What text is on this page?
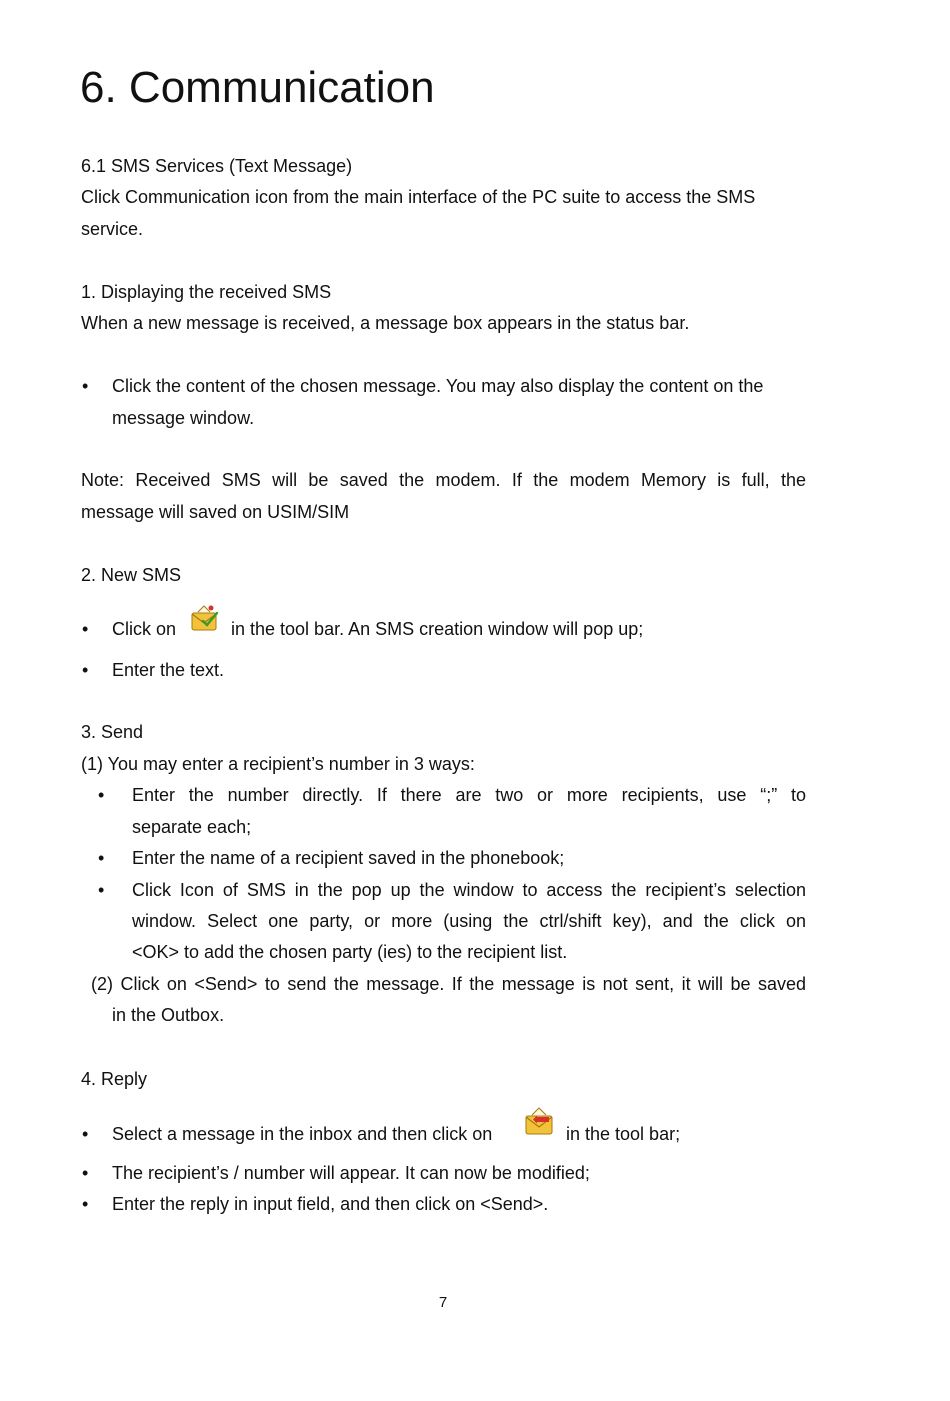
6. Communication
6.1 SMS Services (Text Message)
Click Communication icon from the main interface of the PC suite to access the SMS
service.
1. Displaying the received SMS
When a new message is received, a message box appears in the status bar.
• Click the content of the chosen message. You may also display the content on the
message window.
Note: Received SMS will be saved the modem. If the modem Memory is full, the
message will saved on USIM/SIM
2. New SMS
• Click on	in the tool bar. An SMS creation window will pop up;
• Enter the text.
3. Send
(1) You may enter a recipient’s number in 3 ways:
• Enter the number directly. If there are two or more recipients, use “;” to
separate each;
• Enter the name of a recipient saved in the phonebook;
• Click Icon of SMS in the pop up the window to access the recipient’s selection
window. Select one party, or more (using the ctrl/shift key), and the click on
<OK> to add the chosen party (ies) to the recipient list.
(2) Click on <Send> to send the message. If the message is not sent, it will be saved
in the Outbox.
4. Reply
• Select a message in the inbox and then click on	in the tool bar;
• The recipient’s / number will appear. It can now be modified;
• Enter the reply in input field, and then click on <Send>.
7
